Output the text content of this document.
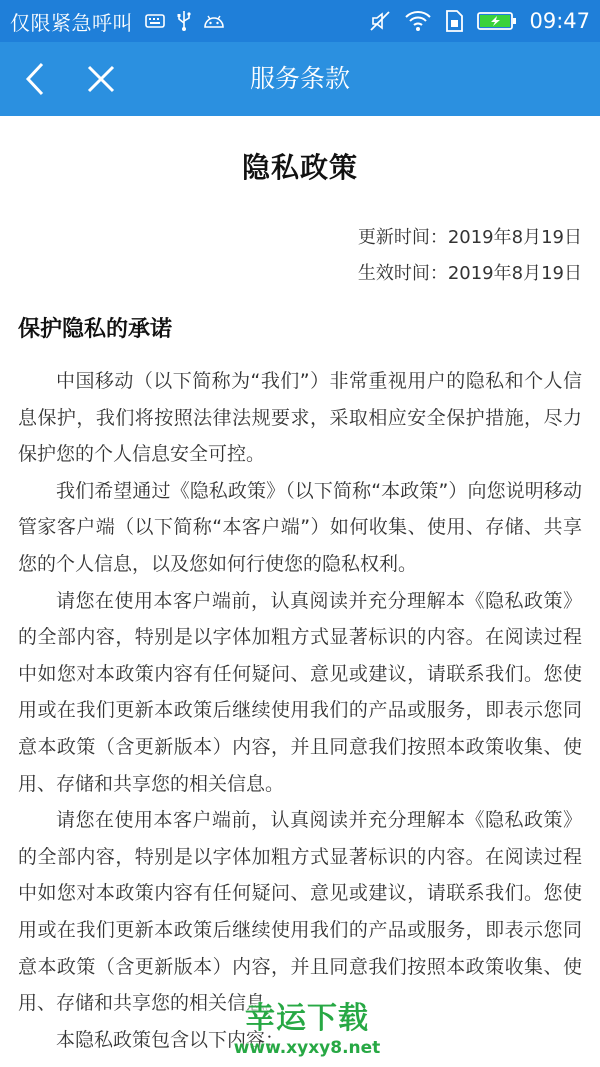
仅限紧急呼叫	09:47
服务条款
隐私政策
更新时间：2019年8月19日
生效时间：2019年8月19日
保护隐私的承诺

中国移动（以下简称为“我们”）非常重视用户的隐私和个人信息保护，我们将按照法律法规要求，采取相应安全保护措施，尽力保护您的个人信息安全可控。

我们希望通过《隐私政策》（以下简称“本政策”）向您说明移动管家客户端（以下简称“本客户端”）如何收集、使用、存储、共享您的个人信息，以及您如何行使您的隐私权利。

请您在使用本客户端前，认真阅读并充分理解本《隐私政策》的全部内容，特别是以字体加粗方式显著标识的内容。在阅读过程中如您对本政策内容有任何疑问、意见或建议，请联系我们。您使用或在我们更新本政策后继续使用我们的产品或服务，即表示您同意本政策（含更新版本）内容，并且同意我们按照本政策收集、使用、存储和共享您的相关信息。

请您在使用本客户端前，认真阅读并充分理解本《隐私政策》的全部内容，特别是以字体加粗方式显著标识的内容。在阅读过程中如您对本政策内容有任何疑问、意见或建议，请联系我们。您使用或在我们更新本政策后继续使用我们的产品或服务，即表示您同意本政策（含更新版本）内容，并且同意我们按照本政策收集、使用、存储和共享您的相关信息。

本隐私政策包含以下内容：

幸运下载
www.xyxy8.net
